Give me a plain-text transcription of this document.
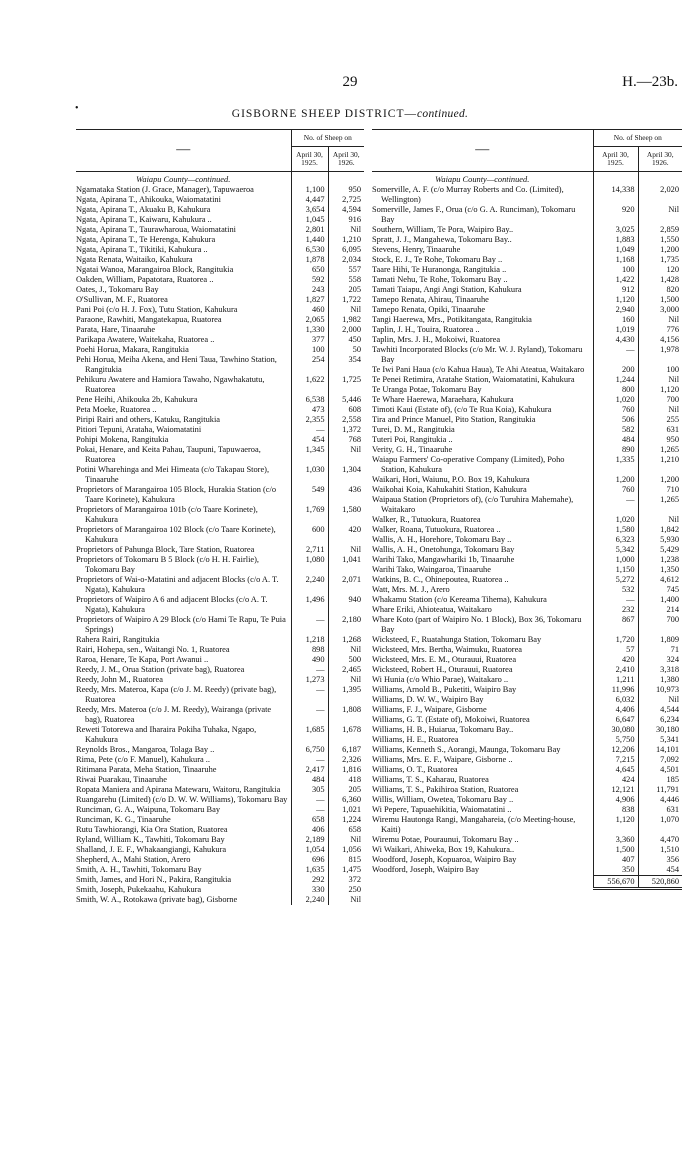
29	H.—23b.
•	GISBORNE SHEEP DISTRICT—continued.
—	No. of Sheep on	
	April 30, 1925.	April 30, 1926.
Waiapu County—continued.		
Ngamataka Station (J. Grace, Manager), Tapuwaeroa	1,100	950
Ngata, Apirana T., Ahikouka, Waiomatatini	4,447	2,725
Ngata, Apirana T., Akuaku B, Kahukura	3,654	4,594
Ngata, Apirana T., Kaiwaru, Kahukura ..	1,045	916
Ngata, Apirana T., Taurawharoua, Waiomatatini	2,801	Nil
Ngata, Apirana T., Te Herenga, Kahukura	1,440	1,210
Ngata, Apirana T., Tikitiki, Kahukura ..	6,530	6,095
Ngata Renata, Waitaiko, Kahukura	1,878	2,034
Ngatai Wanoa, Marangairoa Block, Rangitukia	650	557
Oakden, William, Papatotara, Ruatorea ..	592	558
Oates, J., Tokomaru Bay	243	205
O'Sullivan, M. F., Ruatorea	1,827	1,722
Pani Poi (c/o H. J. Fox), Tutu Station, Kahukura	460	Nil
Paraone, Rawhiti, Mangatekapua, Ruatorea	2,065	1,982
Parata, Hare, Tinaaruhe	1,330	2,000
Parikapa Awatere, Waitekaha, Ruatorea ..	377	450
Poehi Horua, Makara, Rangitukia	100	50
Pehi Horua, Meiha Akena, and Heni Taua, Tawhino Station, Rangitukia	254	354
Pehikuru Awatere and Hamiora Tawaho, Ngawhakatutu, Ruatorea	1,622	1,725
Pene Heihi, Ahikouka 2b, Kahukura	6,538	5,446
Peta Moeke, Ruatorea ..	473	608
Piripi Rairi and others, Katuku, Rangitukia	2,355	2,558
Pitiori Tepuni, Arataha, Waiomatatini	—	1,372
Pohipi Mokena, Rangitukia	454	768
Pokai, Henare, and Keita Pahau, Taupuni, Tapuwaeroa, Ruatorea	1,345	Nil
Potini Wharehinga and Mei Himeata (c/o Takapau Store), Tinaaruhe	1,030	1,304
Proprietors of Marangairoa 105 Block, Hurakia Station (c/o Taare Korinete), Kahukura	549	436
Proprietors of Marangairoa 101b (c/o Taare Korinete), Kahukura	1,769	1,580
Proprietors of Marangairoa 102 Block (c/o Taare Korinete), Kahukura	600	420
Proprietors of Pahunga Block, Tare Station, Ruatorea	2,711	Nil
Proprietors of Tokomaru B 5 Block (c/o H. H. Fairlie), Tokomaru Bay	1,080	1,041
Proprietors of Wai-o-Matatini and adjacent Blocks (c/o A. T. Ngata), Kahukura	2,240	2,071
Proprietors of Waipiro A 6 and adjacent Blocks (c/o A. T. Ngata), Kahukura	1,496	940
Proprietors of Waipiro A 29 Block (c/o Hami Te Rapu, Te Puia Springs)	—	2,180
Rahera Rairi, Rangitukia	1,218	1,268
Rairi, Hohepa, sen., Waitangi No. 1, Ruatorea	898	Nil
Raroa, Henare, Te Kapa, Port Awanui ..	490	500
Reedy, J. M., Orua Station (private bag), Ruatorea	—	2,465
Reedy, John M., Ruatorea	1,273	Nil
Reedy, Mrs. Materoa, Kapa (c/o J. M. Reedy) (private bag), Ruatorea	—	1,395
Reedy, Mrs. Materoa (c/o J. M. Reedy), Wairanga (private bag), Ruatorea	—	1,808
Reweti Totorewa and Iharaira Pokiha Tuhaka, Ngapo, Kahukura	1,685	1,678
Reynolds Bros., Mangaroa, Tolaga Bay ..	6,750	6,187
Rima, Pete (c/o F. Manuel), Kahukura ..	—	2,326
Ritimana Parata, Meha Station, Tinaaruhe	2,417	1,816
Riwai Puarakau, Tinaaruhe	484	418
Ropata Maniera and Apirana Matewaru, Waitoru, Rangitukia	305	205
Ruangarehu (Limited) (c/o D. W. W. Williams), Tokomaru Bay	—	6,360
Runciman, G. A., Waipuna, Tokomaru Bay	—	1,021
Runciman, K. G., Tinaaruhe	658	1,224
Rutu Tawhiorangi, Kia Ora Station, Ruatorea	406	658
Ryland, William K., Tawhiti, Tokomaru Bay	2,189	Nil
Shalland, J. E. F., Whakaangiangi, Kahukura	1,054	1,056
Shepherd, A., Mahi Station, Arero	696	815
Smith, A. H., Tawhiti, Tokomaru Bay	1,635	1,475
Smith, James, and Hori N., Pakira, Rangitukia	292	372
Smith, Joseph, Pukekaahu, Kahukura	330	250
Smith, W. A., Rotokawa (private bag), Gisborne	2,240	Nil
—	No. of Sheep on	
	April 30, 1925.	April 30, 1926.
Waiapu County—continued.		
Somerville, A. F. (c/o Murray Roberts and Co. (Limited), Wellington)	14,338	2,020
Somerville, James F., Orua (c/o G. A. Runciman), Tokomaru Bay	920	Nil
Southern, William, Te Pora, Waipiro Bay..	3,025	2,859
Spratt, J. J., Mangahewa, Tokomaru Bay..	1,883	1,550
Stevens, Henry, Tinaaruhe	1,049	1,200
Stock, E. J., Te Rohe, Tokomaru Bay ..	1,168	1,735
Taare Hihi, Te Huranonga, Rangitukia ..	100	120
Tamati Nehu, Te Rohe, Tokomaru Bay ..	1,422	1,428
Tamati Taiapu, Angi Angi Station, Kahukura	912	820
Tamepo Renata, Ahirau, Tinaaruhe	1,120	1,500
Tamepo Renata, Opiki, Tinaaruhe	2,940	3,000
Tangi Haerewa, Mrs., Potikitangata, Rangitukia	160	Nil
Taplin, J. H., Touira, Ruatorea ..	1,019	776
Taplin, Mrs. J. H., Mokoiwi, Ruatorea	4,430	4,156
Tawhiti Incorporated Blocks (c/o Mr. W. J. Ryland), Tokomaru Bay	—	1,978
Te Iwi Pani Haua (c/o Kahua Haua), Te Ahi Ateatua, Waitakaro	200	100
Te Penei Retimira, Aratahe Station, Waiomatatini, Kahukura	1,244	Nil
Te Uranga Potae, Tokomaru Bay	800	1,120
Te Whare Haerewa, Maraehara, Kahukura	1,020	700
Timoti Kaui (Estate of), (c/o Te Rua Koia), Kahukura	760	Nil
Tira and Prince Manuel, Pito Station, Rangitukia	506	255
Turei, D. M., Rangitukia	582	631
Tuteri Poi, Rangitukia ..	484	950
Verity, G. H., Tinaaruhe	890	1,265
Waiapu Farmers' Co-operative Company (Limited), Poho Station, Kahukura	1,335	1,210
Waikari, Hori, Waiunu, P.O. Box 19, Kahukura	1,200	1,200
Waikohai Koia, Kahukahiti Station, Kahukura	760	710
Waipaua Station (Proprietors of), (c/o Turuhira Mahemahe), Waitakaro	—	1,265
Walker, R., Tutuokura, Ruatorea	1,020	Nil
Walker, Roana, Tutuokura, Ruatorea ..	1,580	1,842
Wallis, A. H., Horehore, Tokomaru Bay ..	6,323	5,930
Wallis, A. H., Onetohunga, Tokomaru Bay	5,342	5,429
Warihi Tako, Mangawhariki 1b, Tinaaruhe	1,000	1,238
Warihi Tako, Waingaroa, Tinaaruhe	1,150	1,350
Watkins, B. C., Ohinepoutea, Ruatorea ..	5,272	4,612
Watt, Mrs. M. J., Arero	532	745
Whakamu Station (c/o Kereama Tihema), Kahukura	—	1,400
Whare Eriki, Ahioteatua, Waitakaro	232	214
Whare Koto (part of Waipiro No. 1 Block), Box 36, Tokomaru Bay	867	700
Wicksteed, F., Ruatahunga Station, Tokomaru Bay	1,720	1,809
Wicksteed, Mrs. Bertha, Waimuku, Ruatorea	57	71
Wicksteed, Mrs. E. M., Oturauui, Ruatorea	420	324
Wicksteed, Robert H., Oturauui, Ruatorea	2,410	3,318
Wi Hunia (c/o Whio Parae), Waitakaro ..	1,211	1,380
Williams, Arnold B., Puketiti, Waipiro Bay	11,996	10,973
Williams, D. W. W., Waipiro Bay	6,032	Nil
Williams, F. J., Waipare, Gisborne	4,406	4,544
Williams, G. T. (Estate of), Mokoiwi, Ruatorea	6,647	6,234
Williams, H. B., Huiarua, Tokomaru Bay..	30,080	30,180
Williams, H. E., Ruatorea	5,750	5,341
Williams, Kenneth S., Aorangi, Maunga, Tokomaru Bay	12,206	14,101
Williams, Mrs. E. F., Waipare, Gisborne ..	7,215	7,092
Williams, O. T., Ruatorea	4,645	4,501
Williams, T. S., Kaharau, Ruatorea	424	185
Williams, T. S., Pakihiroa Station, Ruatorea	12,121	11,791
Willis, William, Owetea, Tokomaru Bay ..	4,906	4,446
Wi Pepere, Tapuaehikitia, Waiomatatini ..	838	631
Wiremu Hautonga Rangi, Mangahareia, (c/o Meeting-house, Kaiti)	1,120	1,070
Wiremu Potae, Pouraunui, Tokomaru Bay ..	3,360	4,470
Wi Waikari, Ahiweka, Box 19, Kahukura..	1,500	1,510
Woodford, Joseph, Kopuaroa, Waipiro Bay	407	356
Woodford, Joseph, Waipiro Bay	350	454
	556,670	520,860
